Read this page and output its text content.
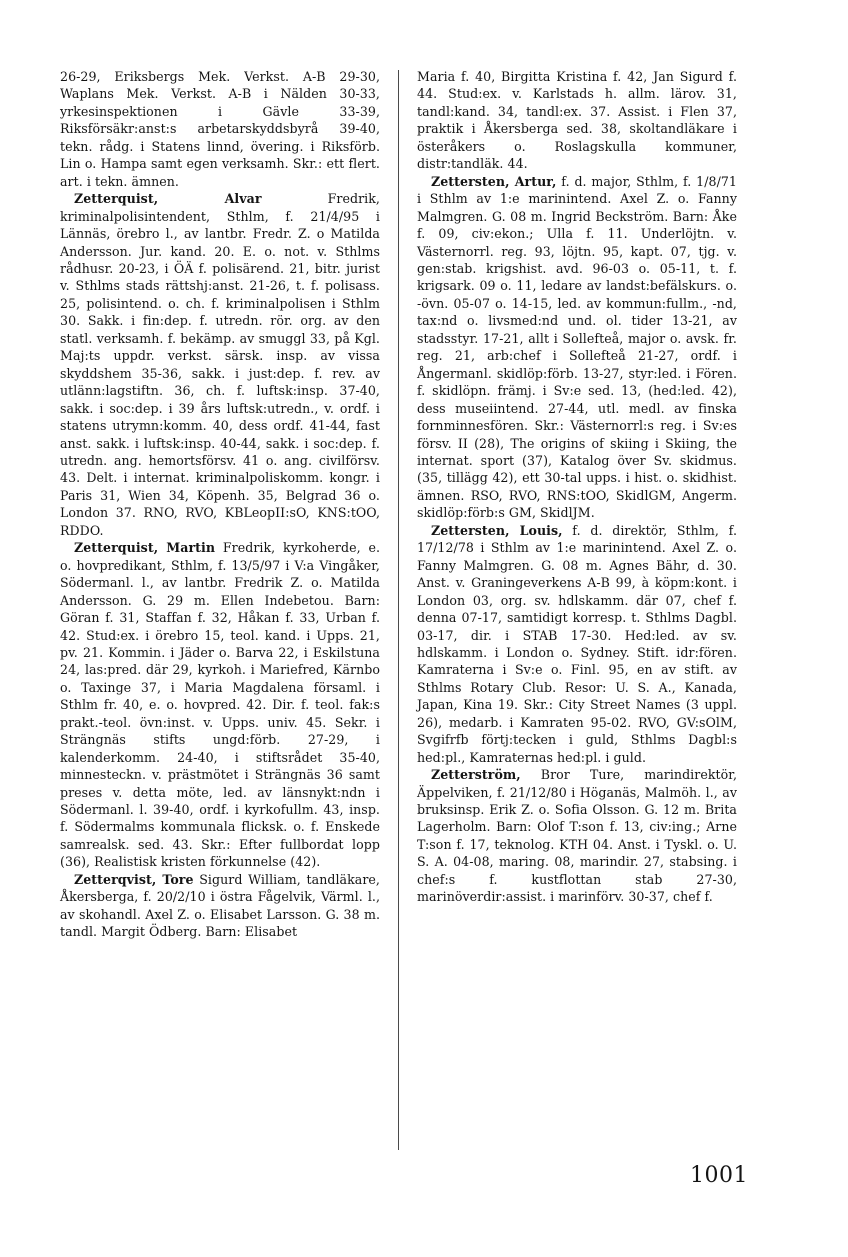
26-29, Eriksbergs Mek. Verkst. A-B 29-30, Waplans Mek. Verkst. A-B i Nälden 30-33, yrkesinspektionen i Gävle 33-39, Riksförsäkr:anst:s arbetarskyddsbyrå 39-40, tekn. rådg. i Statens linnd, övering. i Riksförb. Lin o. Hampa samt egen verksamh. Skr.: ett flert. art. i tekn. ämnen.

Zetterquist, Alvar Fredrik, kriminalpolisintendent, Sthlm, f. 21/4/95 i Lännäs, örebro l., av lantbr. Fredr. Z. o Matilda Andersson. Jur. kand. 20. E. o. not. v. Sthlms rådhusr. 20-23, i ÖÄ f. polisärend. 21, bitr. jurist v. Sthlms stads rättshj:anst. 21-26, t. f. polisass. 25, polisintend. o. ch. f. kriminalpolisen i Sthlm 30. Sakk. i fin:dep. f. utredn. rör. org. av den statl. verksamh. f. bekämp. av smuggl 33, på Kgl. Maj:ts uppdr. verkst. särsk. insp. av vissa skyddshem 35-36, sakk. i just:dep. f. rev. av utlänn:lagstiftn. 36, ch. f. luftsk:insp. 37-40, sakk. i soc:dep. i 39 års luftsk:utredn., v. ordf. i statens utrymn:komm. 40, dess ordf. 41-44, fast anst. sakk. i luftsk:insp. 40-44, sakk. i soc:dep. f. utredn. ang. hemortsförsv. 41 o. ang. civilförsv. 43. Delt. i internat. kriminalpoliskomm. kongr. i Paris 31, Wien 34, Köpenh. 35, Belgrad 36 o. London 37. RNO, RVO, KBLeopII:sO, KNS:tOO, RDDO.

Zetterquist, Martin Fredrik, kyrkoherde, e. o. hovpredikant, Sthlm, f. 13/5/97 i V:a Vingåker, Södermanl. l., av lantbr. Fredrik Z. o. Matilda Andersson. G. 29 m. Ellen Indebetou. Barn: Göran f. 31, Staffan f. 32, Håkan f. 33, Urban f. 42. Stud:ex. i örebro 15, teol. kand. i Upps. 21, pv. 21. Kommin. i Jäder o. Barva 22, i Eskilstuna 24, las:pred. där 29, kyrkoh. i Mariefred, Kärnbo o. Taxinge 37, i Maria Magdalena församl. i Sthlm fr. 40, e. o. hovpred. 42. Dir. f. teol. fak:s prakt.-teol. övn:inst. v. Upps. univ. 45. Sekr. i Strängnäs stifts ungd:förb. 27-29, i kalenderkomm. 24-40, i stiftsrådet 35-40, minnesteckn. v. prästmötet i Strängnäs 36 samt preses v. detta möte, led. av länsnykt:ndn i Södermanl. l. 39-40, ordf. i kyrkofullm. 43, insp. f. Södermalms kommunala flicksk. o. f. Enskede samrealsk. sed. 43. Skr.: Efter fullbordat lopp (36), Realistisk kristen förkunnelse (42).

Zetterqvist, Tore Sigurd William, tandläkare, Åkersberga, f. 20/2/10 i östra Fågelvik, Värml. l., av skohandl. Axel Z. o. Elisabet Larsson. G. 38 m. tandl. Margit Ödberg. Barn: Elisabet

Maria f. 40, Birgitta Kristina f. 42, Jan Sigurd f. 44. Stud:ex. v. Karlstads h. allm. lärov. 31, tandl:kand. 34, tandl:ex. 37. Assist. i Flen 37, praktik i Åkersberga sed. 38, skoltandläkare i österåkers o. Roslagskulla kommuner, distr:tandläk. 44.

Zettersten, Artur, f. d. major, Sthlm, f. 1/8/71 i Sthlm av 1:e marinintend. Axel Z. o. Fanny Malmgren. G. 08 m. Ingrid Beckström. Barn: Åke f. 09, civ:ekon.; Ulla f. 11. Underlöjtn. v. Västernorrl. reg. 93, löjtn. 95, kapt. 07, tjg. v. gen:stab. krigshist. avd. 96-03 o. 05-11, t. f. krigsark. 09 o. 11, ledare av landst:befälskurs. o. -övn. 05-07 o. 14-15, led. av kommun:fullm., -nd, tax:nd o. livsmed:nd und. ol. tider 13-21, av stadsstyr. 17-21, allt i Sollefteå, major o. avsk. fr. reg. 21, arb:chef i Sollefteå 21-27, ordf. i Ångermanl. skidlöp:förb. 13-27, styr:led. i Fören. f. skidlöpn. främj. i Sv:e sed. 13, (hed:led. 42), dess museiintend. 27-44, utl. medl. av finska fornminnesfören. Skr.: Västernorrl:s reg. i Sv:es försv. II (28), The origins of skiing i Skiing, the internat. sport (37), Katalog över Sv. skidmus. (35, tillägg 42), ett 30-tal upps. i hist. o. skidhist. ämnen. RSO, RVO, RNS:tOO, SkidlGM, Angerm. skidlöp:förb:s GM, SkidlJM.

Zettersten, Louis, f. d. direktör, Sthlm, f. 17/12/78 i Sthlm av 1:e marinintend. Axel Z. o. Fanny Malmgren. G. 08 m. Agnes Bähr, d. 30. Anst. v. Graningeverkens A-B 99, à köpm:kont. i London 03, org. sv. hdlskamm. där 07, chef f. denna 07-17, samtidigt korresp. t. Sthlms Dagbl. 03-17, dir. i STAB 17-30. Hed:led. av sv. hdlskamm. i London o. Sydney. Stift. idr:fören. Kamraterna i Sv:e o. Finl. 95, en av stift. av Sthlms Rotary Club. Resor: U. S. A., Kanada, Japan, Kina 19. Skr.: City Street Names (3 uppl. 26), medarb. i Kamraten 95-02. RVO, GV:sOlM, Svgifrfb förtj:tecken i guld, Sthlms Dagbl:s hed:pl., Kamraternas hed:pl. i guld.

Zetterström, Bror Ture, marindirektör, Äppelviken, f. 21/12/80 i Höganäs, Malmöh. l., av bruksinsp. Erik Z. o. Sofia Olsson. G. 12 m. Brita Lagerholm. Barn: Olof T:son f. 13, civ:ing.; Arne T:son f. 17, teknolog. KTH 04. Anst. i Tyskl. o. U. S. A. 04-08, maring. 08, marindir. 27, stabsing. i chef:s f. kustflottan stab 27-30, marinöverdir:assist. i marinförv. 30-37, chef f.

1001
